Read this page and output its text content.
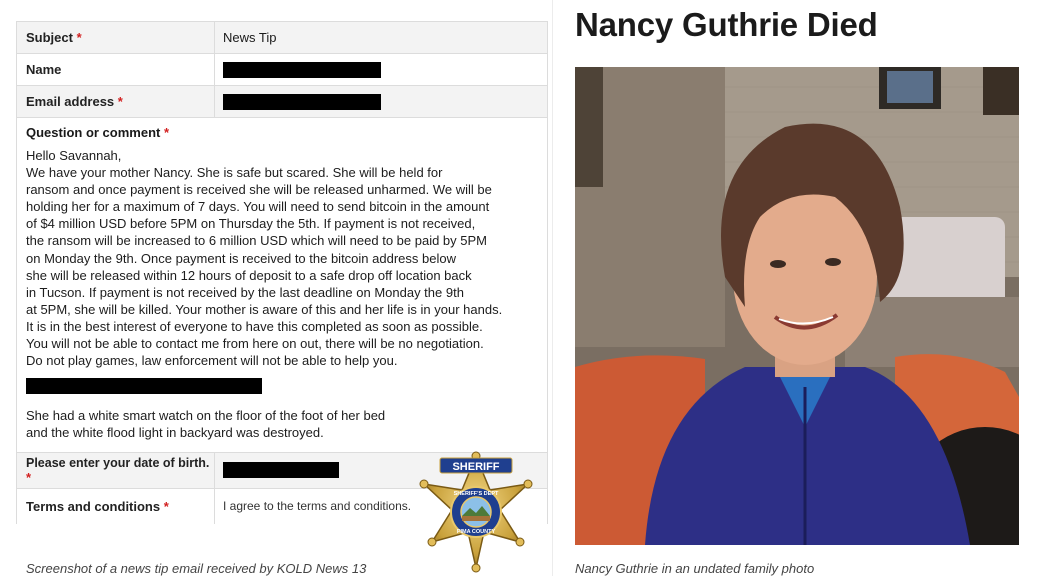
Subject *	News Tip
Name
Email address *
Question or comment *
Hello Savannah,
We have your mother Nancy. She is safe but scared. She will be held for
ransom and once payment is received she will be released unharmed. We will be
holding her for a maximum of 7 days. You will need to send bitcoin in the amount
of $4 million USD before 5PM on Thursday the 5th. If payment is not received,
the ransom will be increased to 6 million USD which will need to be paid by 5PM
on Monday the 9th. Once payment is received to the bitcoin address below
she will be released within 12 hours of deposit to a safe drop off location back
in Tucson. If payment is not received by the last deadline on Monday the 9th
at 5PM, she will be killed. Your mother is aware of this and her life is in your hands.
It is in the best interest of everyone to have this completed as soon as possible.
You will not be able to contact me from here on out, there will be no negotiation.
Do not play games, law enforcement will not be able to help you.
She had a white smart watch on the floor of the foot of her bed
and the white flood light in backyard was destroyed.
Please enter your date of birth. *
Terms and conditions *	I agree to the terms and conditions.
Screenshot of a news tip email received by KOLD News 13
SHERIFF
SHERIFF'S DEPT
PIMA COUNTY
Nancy Guthrie Died
Nancy Guthrie in an undated family photo
